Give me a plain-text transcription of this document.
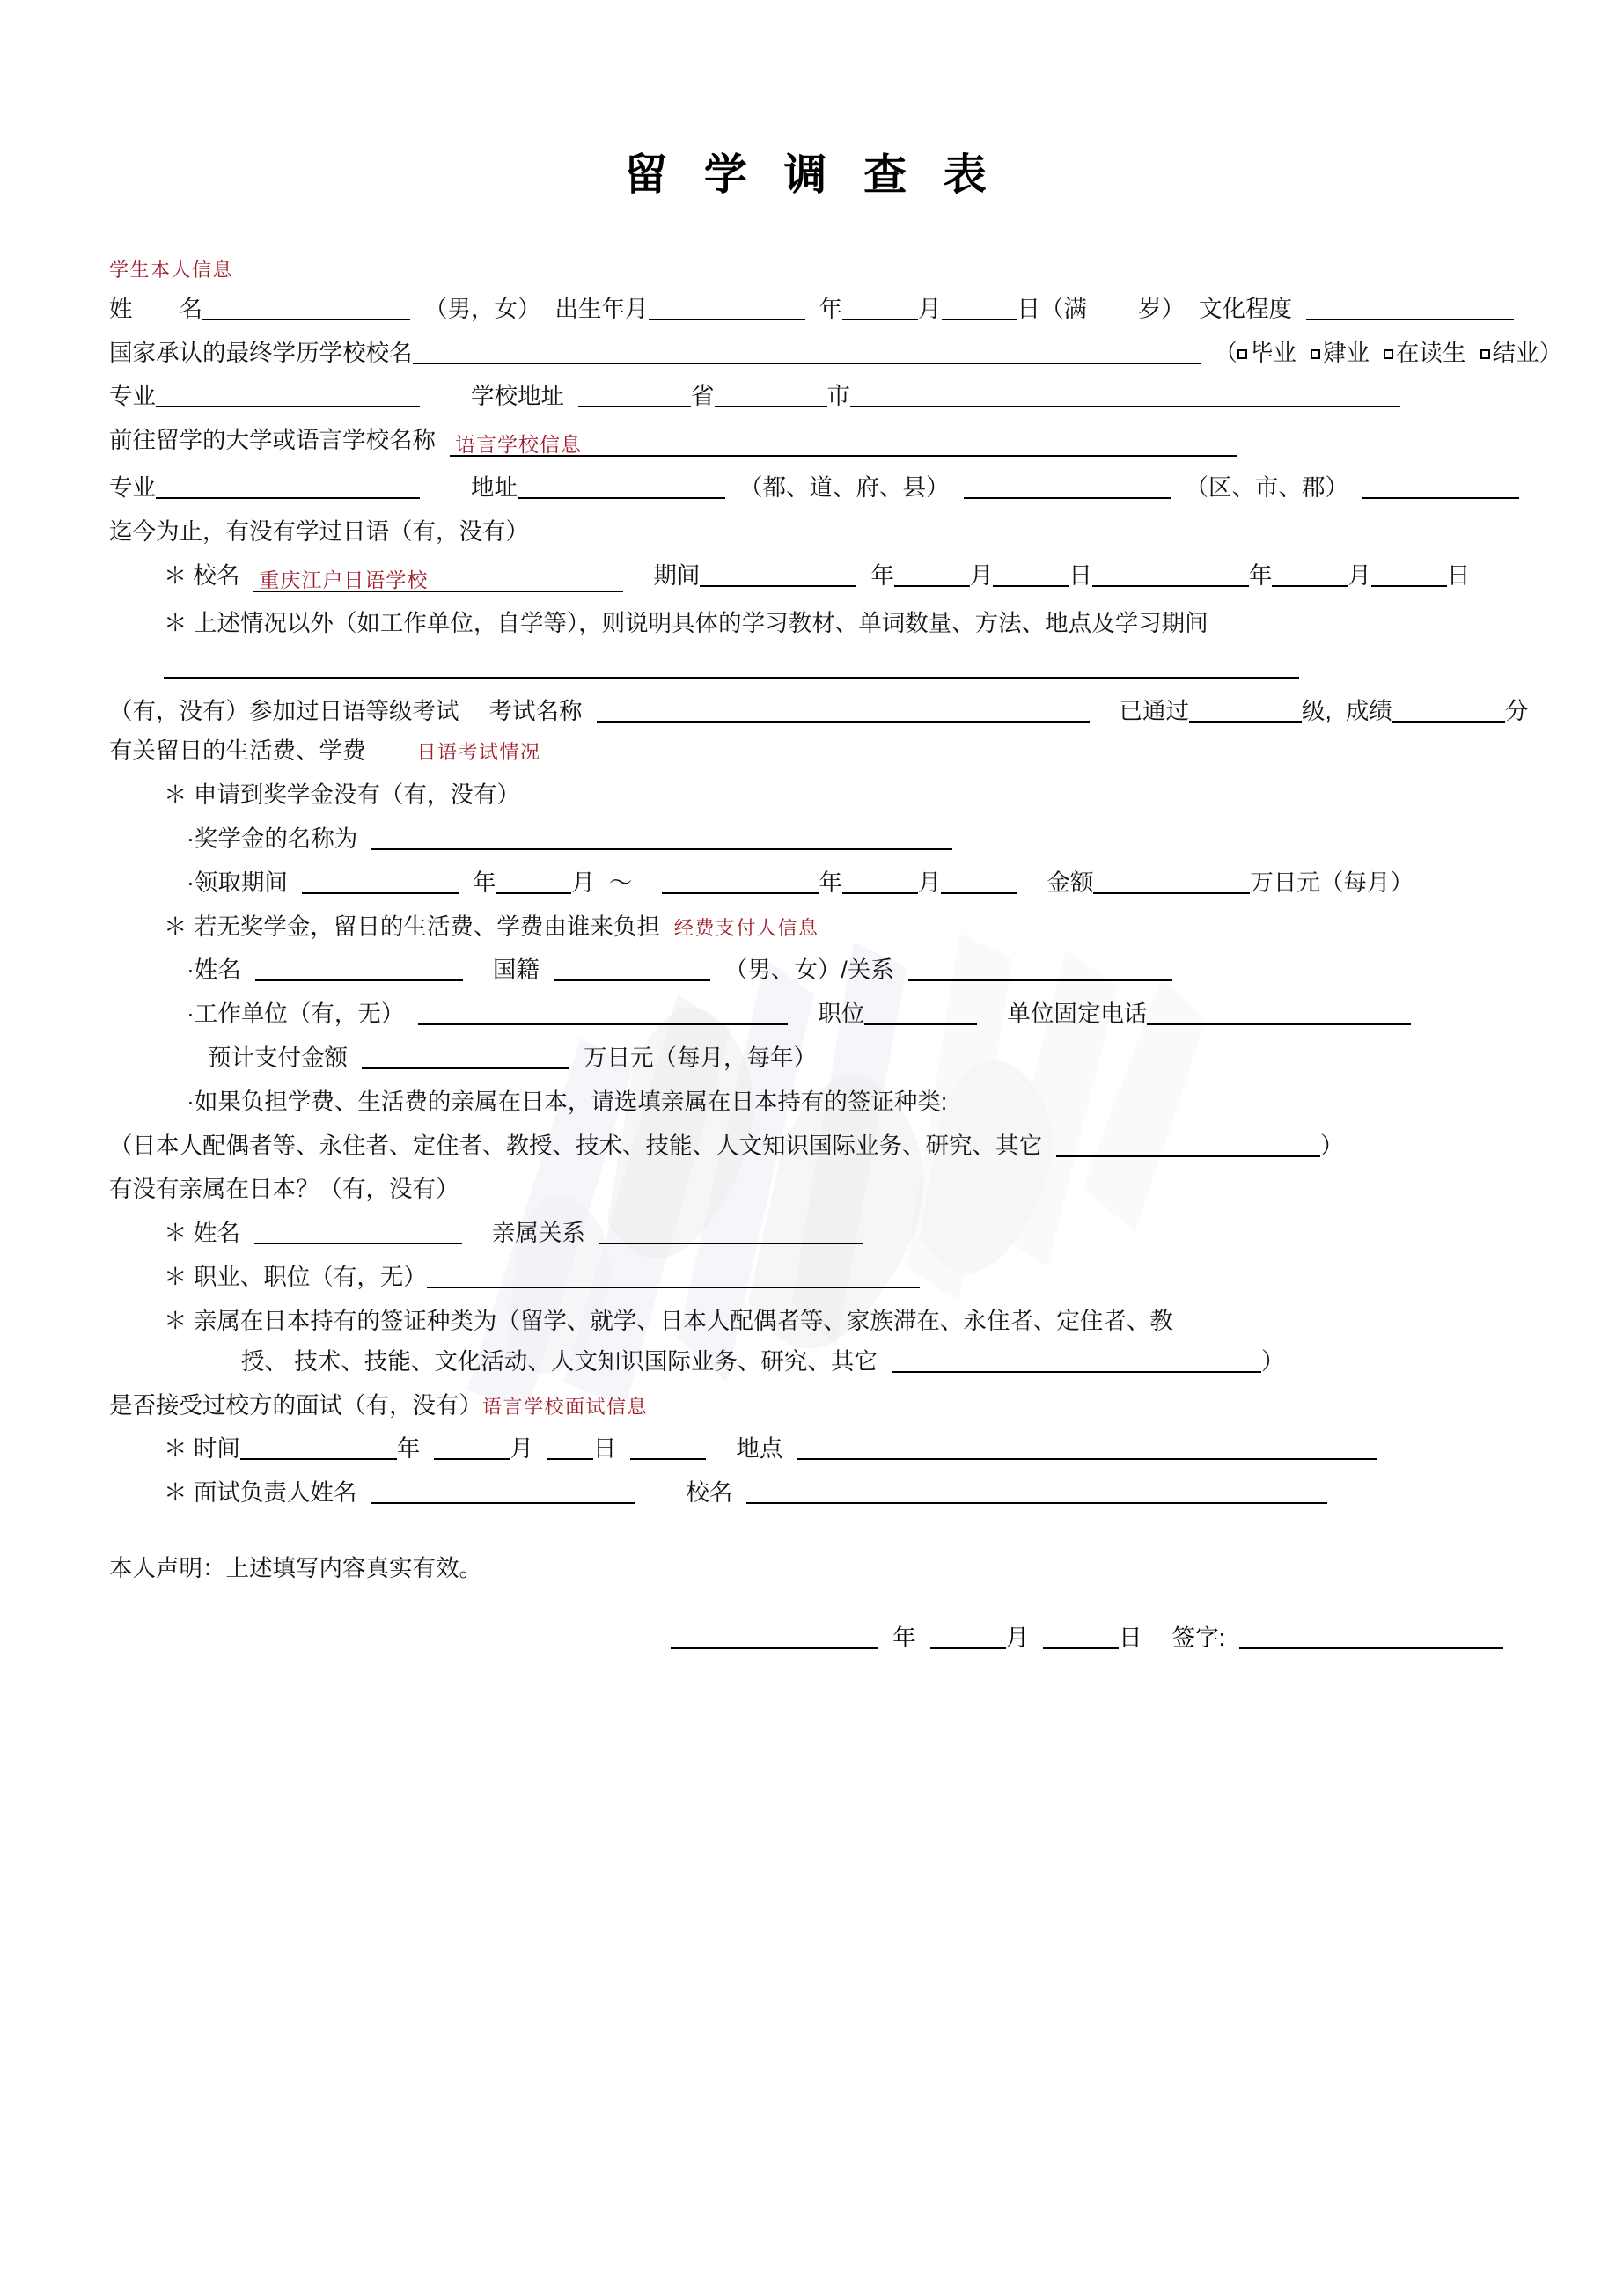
留 学 调 查 表
学生本人信息
姓　　名	（男，女） 出生年月	年	月	日（满 岁） 文化程度
国家承认的最终学历学校校名	（ 毕业 肄业 在读生 结业）
专业	学校地址	省	市
前往留学的大学或语言学校名称 语言学校信息
专业	地址	（都、道、府、县）	（区、市、郡）
迄今为止，有没有学过日语（有，没有）
＊ 校名 重庆江户日语学校	期间	年	月	日	年	月	日
＊ 上述情况以外（如工作单位，自学等），则说明具体的学习教材、单词数量、方法、地点及学习期间
（有，没有）参加过日语等级考试 考试名称	已通过	级, 成绩	分
有关留日的生活费、学费	日语考试情况
＊ 申请到奖学金没有（有，没有）
·奖学金的名称为
·领取期间	年	月 ～	年	月	金额	万日元（每月）
＊ 若无奖学金，留日的生活费、学费由谁来负担 经费支付人信息
·姓名	国籍	（男、女）/关系
·工作单位（有，无）	职位	单位固定电话
预计支付金额	万日元（每月，每年）
·如果负担学费、生活费的亲属在日本，请选填亲属在日本持有的签证种类:
（日本人配偶者等、永住者、定住者、教授、技术、技能、人文知识国际业务、研究、其它	）
有没有亲属在日本？（有，没有）
＊ 姓名	亲属关系
＊ 职业、职位（有，无）
＊ 亲属在日本持有的签证种类为（留学、就学、日本人配偶者等、家族滞在、永住者、定住者、教
授、 技术、技能、文化活动、人文知识国际业务、研究、其它	）
是否接受过校方的面试（有，没有）语言学校面试信息
＊ 时间	年	月	日	地点
＊ 面试负责人姓名	校名
本人声明：上述填写内容真实有效。
年	月	日 签字:
